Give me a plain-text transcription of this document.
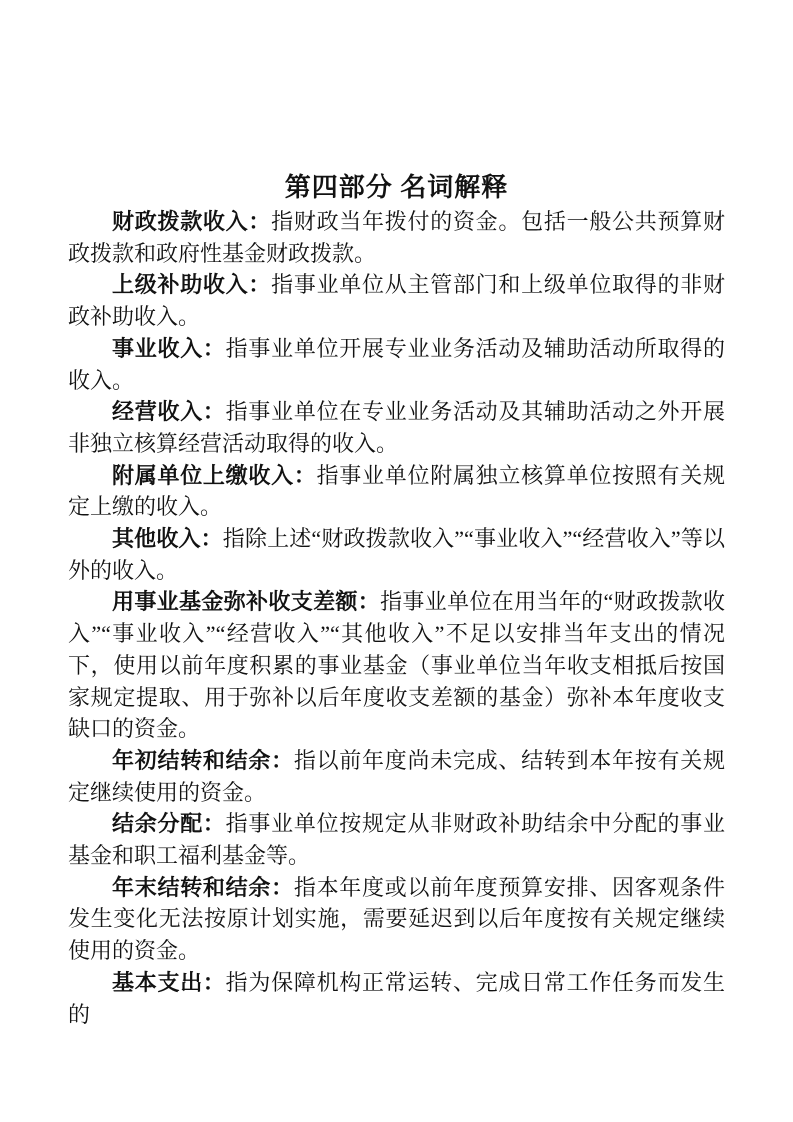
第四部分 名词解释

财政拨款收入：指财政当年拨付的资金。包括一般公共预算财政拨款和政府性基金财政拨款。

上级补助收入：指事业单位从主管部门和上级单位取得的非财政补助收入。

事业收入：指事业单位开展专业业务活动及辅助活动所取得的收入。

经营收入：指事业单位在专业业务活动及其辅助活动之外开展非独立核算经营活动取得的收入。

附属单位上缴收入：指事业单位附属独立核算单位按照有关规定上缴的收入。

其他收入：指除上述“财政拨款收入”“事业收入”“经营收入”等以外的收入。

用事业基金弥补收支差额：指事业单位在用当年的“财政拨款收入”“事业收入”“经营收入”“其他收入”不足以安排当年支出的情况下，使用以前年度积累的事业基金（事业单位当年收支相抵后按国家规定提取、用于弥补以后年度收支差额的基金）弥补本年度收支缺口的资金。

年初结转和结余：指以前年度尚未完成、结转到本年按有关规定继续使用的资金。

结余分配：指事业单位按规定从非财政补助结余中分配的事业基金和职工福利基金等。

年末结转和结余：指本年度或以前年度预算安排、因客观条件发生变化无法按原计划实施，需要延迟到以后年度按有关规定继续使用的资金。

基本支出：指为保障机构正常运转、完成日常工作任务而发生的
